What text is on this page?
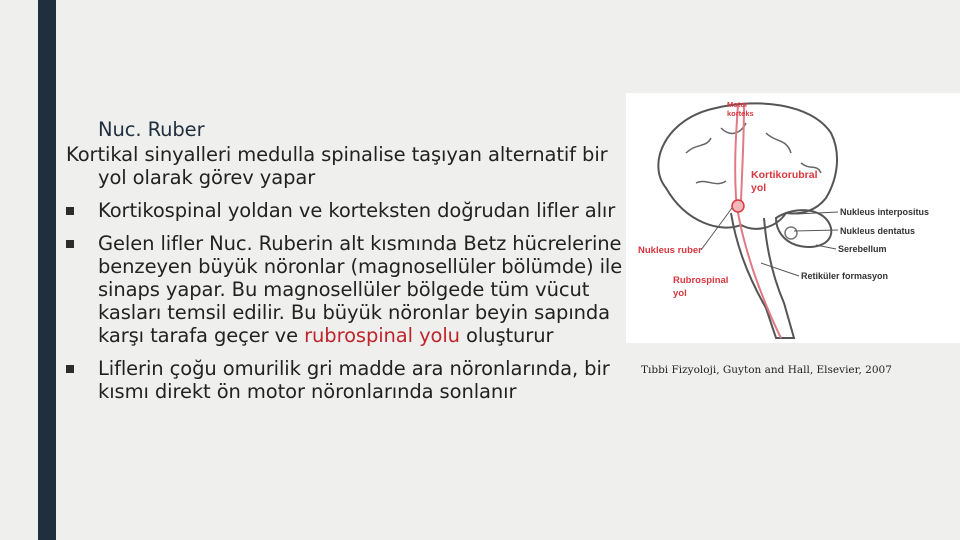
Nuc. Ruber
Kortikal sinyalleri medulla spinalise taşıyan alternatif bir yol olarak görev yapar
Kortikospinal yoldan ve korteksten doğrudan lifler alır
Gelen lifler Nuc. Ruberin alt kısmında Betz hücrelerine benzeyen büyük nöronlar (magnosellüler bölümde) ile sinaps yapar. Bu magnosellüler bölgede tüm vücut kasları temsil edilir. Bu büyük nöronlar beyin sapında karşı tarafa geçer ve rubrospinal yolu oluşturur
Liflerin çoğu omurilik gri madde ara nöronlarında, bir kısmı direkt ön motor nöronlarında sonlanır
Motor
korteks
Kortikorubral
yol
Nukleus interpositus
Nukleus dentatus
Nukleus ruber	Serebellum
Rubrospinal
yol
Retiküler formasyon
Tıbbi Fizyoloji, Guyton and Hall, Elsevier, 2007
